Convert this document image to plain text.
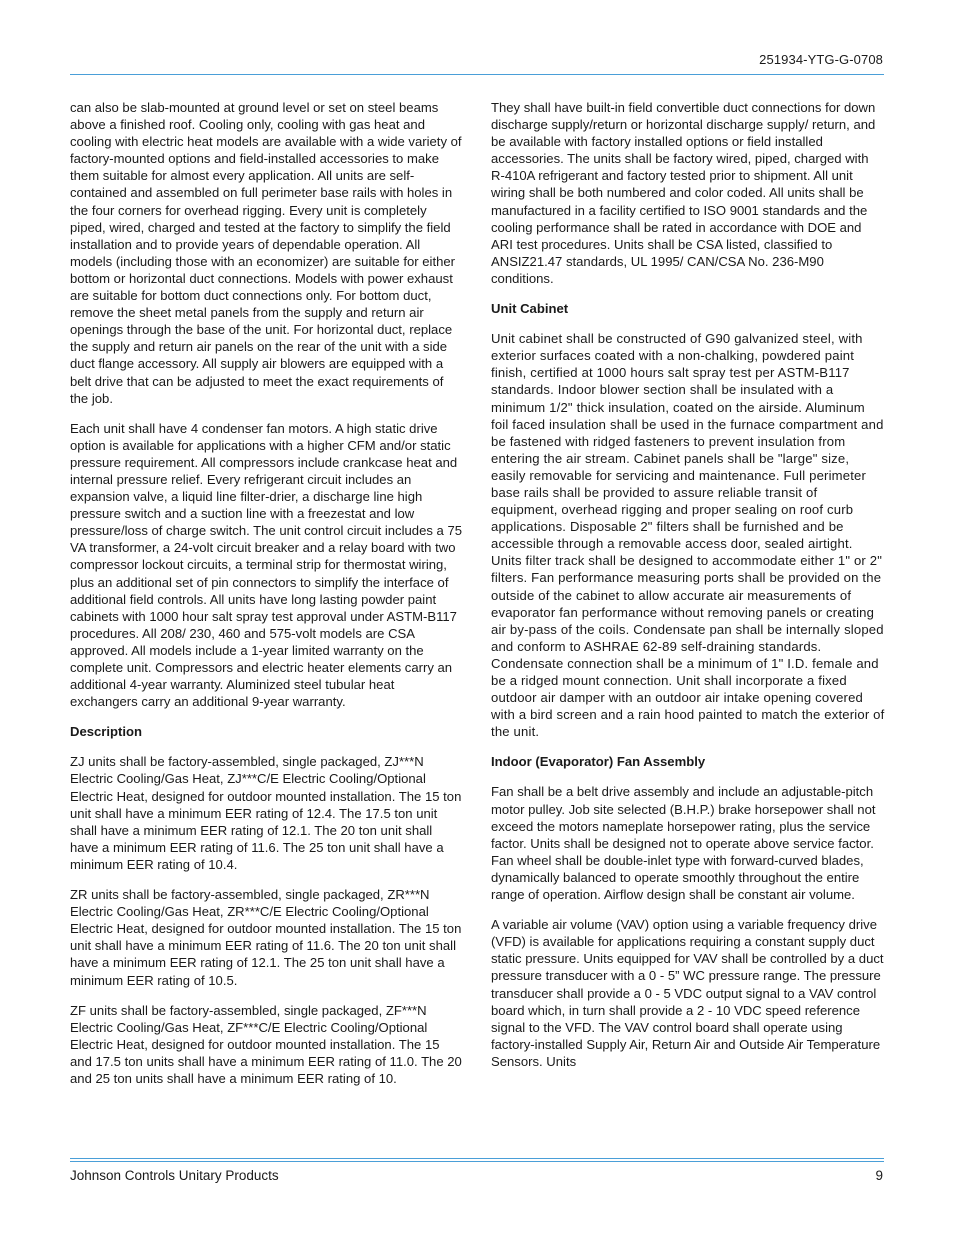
251934-YTG-G-0708

can also be slab-mounted at ground level or set on steel beams above a finished roof. Cooling only, cooling with gas heat and cooling with electric heat models are available with a wide variety of factory-mounted options and field-installed accessories to make them suitable for almost every application. All units are self-contained and assembled on full perimeter base rails with holes in the four corners for overhead rigging. Every unit is completely piped, wired, charged and tested at the factory to simplify the field installation and to provide years of dependable operation. All models (including those with an economizer) are suitable for either bottom or horizontal duct connections. Models with power exhaust are suitable for bottom duct connections only. For bottom duct, remove the sheet metal panels from the supply and return air openings through the base of the unit. For horizontal duct, replace the supply and return air panels on the rear of the unit with a side duct flange accessory. All supply air blowers are equipped with a belt drive that can be adjusted to meet the exact requirements of the job.

Each unit shall have 4 condenser fan motors. A high static drive option is available for applications with a higher CFM and/or static pressure requirement. All compressors include crankcase heat and internal pressure relief. Every refrigerant circuit includes an expansion valve, a liquid line filter-drier, a discharge line high pressure switch and a suction line with a freezestat and low pressure/loss of charge switch. The unit control circuit includes a 75 VA transformer, a 24-volt circuit breaker and a relay board with two compressor lockout circuits, a terminal strip for thermostat wiring, plus an additional set of pin connectors to simplify the interface of additional field controls. All units have long lasting powder paint cabinets with 1000 hour salt spray test approval under ASTM-B117 procedures. All 208/ 230, 460 and 575-volt models are CSA approved. All models include a 1-year limited warranty on the complete unit. Compressors and electric heater elements carry an additional 4-year warranty. Aluminized steel tubular heat exchangers carry an additional 9-year warranty.

Description

ZJ units shall be factory-assembled, single packaged, ZJ***N Electric Cooling/Gas Heat, ZJ***C/E Electric Cooling/Optional Electric Heat, designed for outdoor mounted installation. The 15 ton unit shall have a minimum EER rating of 12.4. The 17.5 ton unit shall have a minimum EER rating of 12.1. The 20 ton unit shall have a minimum EER rating of 11.6. The 25 ton unit shall have a minimum EER rating of 10.4.

ZR units shall be factory-assembled, single packaged, ZR***N Electric Cooling/Gas Heat, ZR***C/E Electric Cooling/Optional Electric Heat, designed for outdoor mounted installation. The 15 ton unit shall have a minimum EER rating of 11.6. The 20 ton unit shall have a minimum EER rating of 12.1. The 25 ton unit shall have a minimum EER rating of 10.5.

ZF units shall be factory-assembled, single packaged, ZF***N Electric Cooling/Gas Heat, ZF***C/E Electric Cooling/Optional Electric Heat, designed for outdoor mounted installation. The 15 and 17.5 ton units shall have a minimum EER rating of 11.0. The 20 and 25 ton units shall have a minimum EER rating of 10.

They shall have built-in field convertible duct connections for down discharge supply/return or horizontal discharge supply/ return, and be available with factory installed options or field installed accessories. The units shall be factory wired, piped, charged with R-410A refrigerant and factory tested prior to shipment. All unit wiring shall be both numbered and color coded. All units shall be manufactured in a facility certified to ISO 9001 standards and the cooling performance shall be rated in accordance with DOE and ARI test procedures. Units shall be CSA listed, classified to ANSIZ21.47 standards, UL 1995/ CAN/CSA No. 236-M90 conditions.

Unit Cabinet

Unit cabinet shall be constructed of G90 galvanized steel, with exterior surfaces coated with a non-chalking, powdered paint finish, certified at 1000 hours salt spray test per ASTM-B117 standards. Indoor blower section shall be insulated with a minimum 1/2" thick insulation, coated on the airside. Aluminum foil faced insulation shall be used in the furnace compartment and be fastened with ridged fasteners to prevent insulation from entering the air stream. Cabinet panels shall be "large" size, easily removable for servicing and maintenance. Full perimeter base rails shall be provided to assure reliable transit of equipment, overhead rigging and proper sealing on roof curb applications. Disposable 2" filters shall be furnished and be accessible through a removable access door, sealed airtight. Units filter track shall be designed to accommodate either 1" or 2" filters. Fan performance measuring ports shall be provided on the outside of the cabinet to allow accurate air measurements of evaporator fan performance without removing panels or creating air by-pass of the coils. Condensate pan shall be internally sloped and conform to ASHRAE 62-89 self-draining standards. Condensate connection shall be a minimum of 1" I.D. female and be a ridged mount connection. Unit shall incorporate a fixed outdoor air damper with an outdoor air intake opening covered with a bird screen and a rain hood painted to match the exterior of the unit.

Indoor (Evaporator) Fan Assembly

Fan shall be a belt drive assembly and include an adjustable-pitch motor pulley. Job site selected (B.H.P.) brake horsepower shall not exceed the motors nameplate horsepower rating, plus the service factor. Units shall be designed not to operate above service factor. Fan wheel shall be double-inlet type with forward-curved blades, dynamically balanced to operate smoothly throughout the entire range of operation. Airflow design shall be constant air volume.

A variable air volume (VAV) option using a variable frequency drive (VFD) is available for applications requiring a constant supply duct static pressure. Units equipped for VAV shall be controlled by a duct pressure transducer with a 0 - 5” WC pressure range. The pressure transducer shall provide a 0 - 5 VDC output signal to a VAV control board which, in turn shall provide a 2 - 10 VDC speed reference signal to the VFD. The VAV control board shall operate using factory-installed Supply Air, Return Air and Outside Air Temperature Sensors. Units

Johnson Controls Unitary Products	9
